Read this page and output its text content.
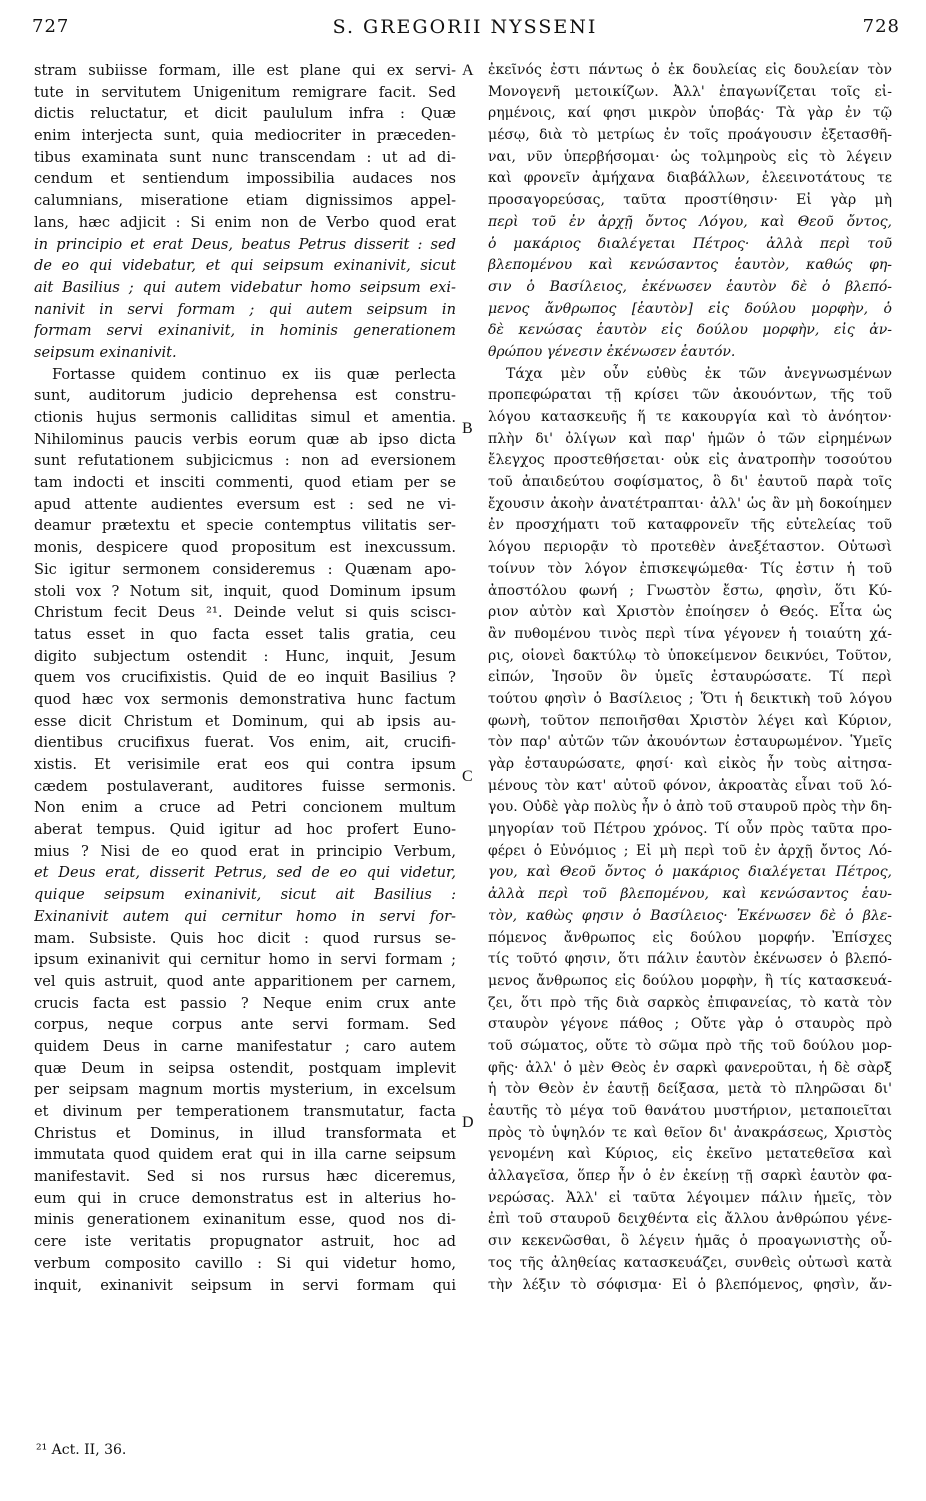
727	S. GREGORII NYSSENI	728
stram subiisse formam, ille est plane qui ex servi-
tute in servitutem Unigenitum remigrare facit. Sed
dictis reluctatur, et dicit paululum infra : Quæ
enim interjecta sunt, quia mediocriter in præceden-
tibus examinata sunt nunc transcendam : ut ad di-
cendum et sentiendum impossibilia audaces nos
calumnians, miseratione etiam dignissimos appel-
lans, hæc adjicit : Si enim non de Verbo quod erat
in principio et erat Deus, beatus Petrus disserit : sed
de eo qui videbatur, et qui seipsum exinanivit, sicut
ait Basilius ; qui autem videbatur homo seipsum exi-
nanivit in servi formam ; qui autem seipsum in
formam servi exinanivit, in hominis generationem
seipsum exinanivit.
Fortasse quidem continuo ex iis quæ perlecta
sunt, auditorum judicio deprehensa est constru-
ctionis hujus sermonis calliditas simul et amentia.
Nihilominus paucis verbis eorum quæ ab ipso dicta
sunt refutationem subjicicmus : non ad eversionem
tam indocti et insciti commenti, quod etiam per se
apud attente audientes eversum est : sed ne vi-
deamur prætextu et specie contemptus vilitatis ser-
monis, despicere quod propositum est inexcussum.
Sic igitur sermonem consideremus : Quænam apo-
stoli vox ? Notum sit, inquit, quod Dominum ipsum
Christum fecit Deus ²¹. Deinde velut si quis sciscı-
tatus esset in quo facta esset talis gratia, ceu
digito subjectum ostendit : Hunc, inquit, Jesum
quem vos crucifixistis. Quid de eo inquit Basilius ?
quod hæc vox sermonis demonstrativa hunc factum
esse dicit Christum et Dominum, qui ab ipsis au-
dientibus crucifixus fuerat. Vos enim, ait, crucifi-
xistis. Et verisimile erat eos qui contra ipsum
cædem postulaverant, auditores fuisse sermonis.
Non enim a cruce ad Petri concionem multum
aberat tempus. Quid igitur ad hoc profert Euno-
mius ? Nisi de eo quod erat in principio Verbum,
et Deus erat, disserit Petrus, sed de eo qui videtur,
quique seipsum exinanivit, sicut ait Basilius :
Exinanivit autem qui cernitur homo in servi for-
mam. Subsiste. Quis hoc dicit : quod rursus se-
ipsum exinanivit qui cernitur homo in servi formam ;
vel quis astruit, quod ante apparitionem per carnem,
crucis facta est passio ? Neque enim crux ante
corpus, neque corpus ante servi formam. Sed
quidem Deus in carne manifestatur ; caro autem
quæ Deum in seipsa ostendit, postquam implevit
per seipsam magnum mortis mysterium, in excelsum
et divinum per temperationem transmutatur, facta
Christus et Dominus, in illud transformata et
immutata quod quidem erat qui in illa carne seipsum
manifestavit. Sed si nos rursus hæc diceremus,
eum qui in cruce demonstratus est in alterius ho-
minis generationem exinanitum esse, quod nos di-
cere iste veritatis propugnator astruit, hoc ad
verbum composito cavillo : Si qui videtur homo,
inquit, exinanivit seipsum in servi formam qui
ἐκεῖνός ἐστι πάντως ὁ ἐκ δουλείας εἰς δουλείαν τὸν
Μονογενῆ μετοικίζων. Ἀλλ' ἐπαγωνίζεται τοῖς εἰ-
ρημένοις, καί φησι μικρὸν ὑποβάς· Τὰ γὰρ ἐν τῷ
μέσῳ, διὰ τὸ μετρίως ἐν τοῖς προάγουσιν ἐξετασθῆ-
ναι, νῦν ὑπερβήσομαι· ὡς τολμηροὺς εἰς τὸ λέγειν
καὶ φρονεῖν ἀμήχανα διαβάλλων, ἐλεεινοτάτους τε
προσαγορεύσας, ταῦτα προστίθησιν· Εἰ γὰρ μὴ
περὶ τοῦ ἐν ἀρχῇ ὄντος Λόγου, καὶ Θεοῦ ὄντος,
ὁ μακάριος διαλέγεται Πέτρος· ἀλλὰ περὶ τοῦ
βλεπομένου καὶ κενώσαντος ἑαυτὸν, καθώς φη-
σιν ὁ Βασίλειος, ἐκένωσεν ἑαυτὸν δὲ ὁ βλεπό-
μενος ἄνθρωπος [ἑαυτὸν] εἰς δούλου μορφὴν, ὁ
δὲ κενώσας ἑαυτὸν εἰς δούλου μορφὴν, εἰς ἀν-
θρώπου γένεσιν ἐκένωσεν ἑαυτόν.
Τάχα μὲν οὖν εὐθὺς ἐκ τῶν ἀνεγνωσμένων
προπεφώραται τῇ κρίσει τῶν ἀκουόντων, τῆς τοῦ
λόγου κατασκευῆς ἥ τε κακουργία καὶ τὸ ἀνόητον·
πλὴν δι' ὀλίγων καὶ παρ' ἡμῶν ὁ τῶν εἰρημένων
ἔλεγχος προστεθήσεται· οὐκ εἰς ἀνατροπὴν τοσούτου
τοῦ ἀπαιδεύτου σοφίσματος, ὃ δι' ἑαυτοῦ παρὰ τοῖς
ἔχουσιν ἀκοὴν ἀνατέτραπται· ἀλλ' ὡς ἂν μὴ δοκοίημεν
ἐν προσχήματι τοῦ καταφρονεῖν τῆς εὐτελείας τοῦ
λόγου περιορᾷν τὸ προτεθὲν ἀνεξέταστον. Οὑτωσὶ
τοίνυν τὸν λόγον ἐπισκεψώμεθα· Τίς ἐστιν ἡ τοῦ
ἀποστόλου φωνή ; Γνωστὸν ἔστω, φησὶν, ὅτι Κύ-
ριον αὐτὸν καὶ Χριστὸν ἐποίησεν ὁ Θεός. Εἶτα ὡς
ἂν πυθομένου τινὸς περὶ τίνα γέγονεν ἡ τοιαύτη χά-
ρις, οἱονεὶ δακτύλῳ τὸ ὑποκείμενον δεικνύει, Τοῦτον,
εἰπών, Ἰησοῦν ὃν ὑμεῖς ἐσταυρώσατε. Τί περὶ
τούτου φησὶν ὁ Βασίλειος ; Ὅτι ἡ δεικτικὴ τοῦ λόγου
φωνὴ, τοῦτον πεποιῆσθαι Χριστὸν λέγει καὶ Κύριον,
τὸν παρ' αὐτῶν τῶν ἀκουόντων ἐσταυρωμένον. Ὑμεῖς
γὰρ ἐσταυρώσατε, φησί· καὶ εἰκὸς ἦν τοὺς αἰτησα-
μένους τὸν κατ' αὐτοῦ φόνον, ἀκροατὰς εἶναι τοῦ λό-
γου. Οὐδὲ γὰρ πολὺς ἦν ὁ ἀπὸ τοῦ σταυροῦ πρὸς τὴν δη-
μηγορίαν τοῦ Πέτρου χρόνος. Τί οὖν πρὸς ταῦτα προ-
φέρει ὁ Εὐνόμιος ; Εἰ μὴ περὶ τοῦ ἐν ἀρχῇ ὄντος Λό-
γου, καὶ Θεοῦ ὄντος ὁ μακάριος διαλέγεται Πέτρος,
ἀλλὰ περὶ τοῦ βλεπομένου, καὶ κενώσαντος ἑαυ-
τὸν, καθὼς φησιν ὁ Βασίλειος· Ἐκένωσεν δὲ ὁ βλε-
πόμενος ἄνθρωπος εἰς δούλου μορφήν. Ἐπίσχες
τίς τοῦτό φησιν, ὅτι πάλιν ἑαυτὸν ἐκένωσεν ὁ βλεπό-
μενος ἄνθρωπος εἰς δούλου μορφὴν, ἢ τίς κατασκευά-
ζει, ὅτι πρὸ τῆς διὰ σαρκὸς ἐπιφανείας, τὸ κατὰ τὸν
σταυρὸν γέγονε πάθος ; Οὔτε γὰρ ὁ σταυρὸς πρὸ
τοῦ σώματος, οὔτε τὸ σῶμα πρὸ τῆς τοῦ δούλου μορ-
φῆς· ἀλλ' ὁ μὲν Θεὸς ἐν σαρκὶ φανεροῦται, ἡ δὲ σὰρξ
ἡ τὸν Θεὸν ἐν ἑαυτῇ δείξασα, μετὰ τὸ πληρῶσαι δι'
ἑαυτῆς τὸ μέγα τοῦ θανάτου μυστήριον, μεταποιεῖται
πρὸς τὸ ὑψηλόν τε καὶ θεῖον δι' ἀνακράσεως, Χριστὸς
γενομένη καὶ Κύριος, εἰς ἐκεῖνο μετατεθεῖσα καὶ
ἀλλαγεῖσα, ὅπερ ἦν ὁ ἐν ἐκείνῃ τῇ σαρκὶ ἑαυτὸν φα-
νερώσας. Ἀλλ' εἰ ταῦτα λέγοιμεν πάλιν ἡμεῖς, τὸν
ἐπὶ τοῦ σταυροῦ δειχθέντα εἰς ἄλλου ἀνθρώπου γένε-
σιν κεκενῶσθαι, ὃ λέγειν ἡμᾶς ὁ προαγωνιστὴς οὗ-
τος τῆς ἀληθείας κατασκευάζει, συνθεὶς οὑτωσὶ κατὰ
τὴν λέξιν τὸ σόφισμα· Εἰ ὁ βλεπόμενος, φησὶν, ἄν-
A
B
C
D
²¹ Act. II, 36.
